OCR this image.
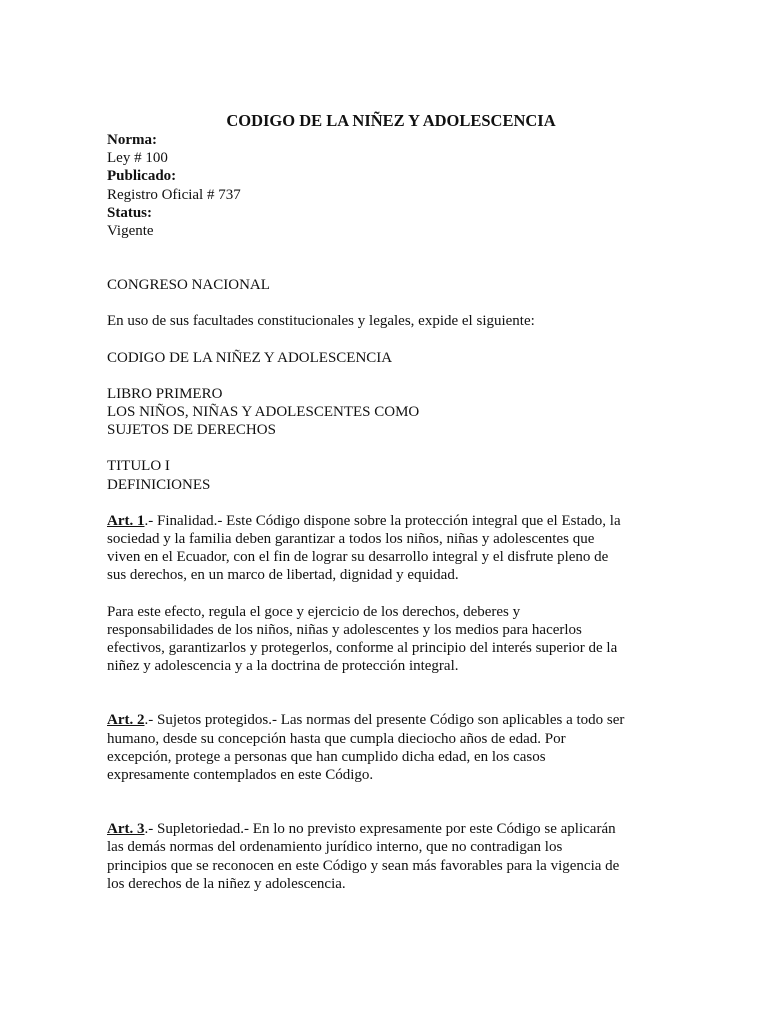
CODIGO DE LA NIÑEZ Y ADOLESCENCIA
Norma:
Ley # 100
Publicado:
Registro Oficial # 737
Status:
Vigente
CONGRESO NACIONAL
En uso de sus facultades constitucionales y legales, expide el siguiente:
CODIGO DE LA NIÑEZ Y ADOLESCENCIA
LIBRO PRIMERO
LOS NIÑOS, NIÑAS Y ADOLESCENTES COMO
SUJETOS DE DERECHOS
TITULO I
DEFINICIONES
Art. 1.- Finalidad.- Este Código dispone sobre la protección integral que el Estado, la
sociedad y la familia deben garantizar a todos los niños, niñas y adolescentes que
viven en el Ecuador, con el fin de lograr su desarrollo integral y el disfrute pleno de
sus derechos, en un marco de libertad, dignidad y equidad.
Para este efecto, regula el goce y ejercicio de los derechos, deberes y
responsabilidades de los niños, niñas y adolescentes y los medios para hacerlos
efectivos, garantizarlos y protegerlos, conforme al principio del interés superior de la
niñez y adolescencia y a la doctrina de protección integral.
Art. 2.- Sujetos protegidos.- Las normas del presente Código son aplicables a todo ser
humano, desde su concepción hasta que cumpla dieciocho años de edad. Por
excepción, protege a personas que han cumplido dicha edad, en los casos
expresamente contemplados en este Código.
Art. 3.- Supletoriedad.- En lo no previsto expresamente por este Código se aplicarán
las demás normas del ordenamiento jurídico interno, que no contradigan los
principios que se reconocen en este Código y sean más favorables para la vigencia de
los derechos de la niñez y adolescencia.
